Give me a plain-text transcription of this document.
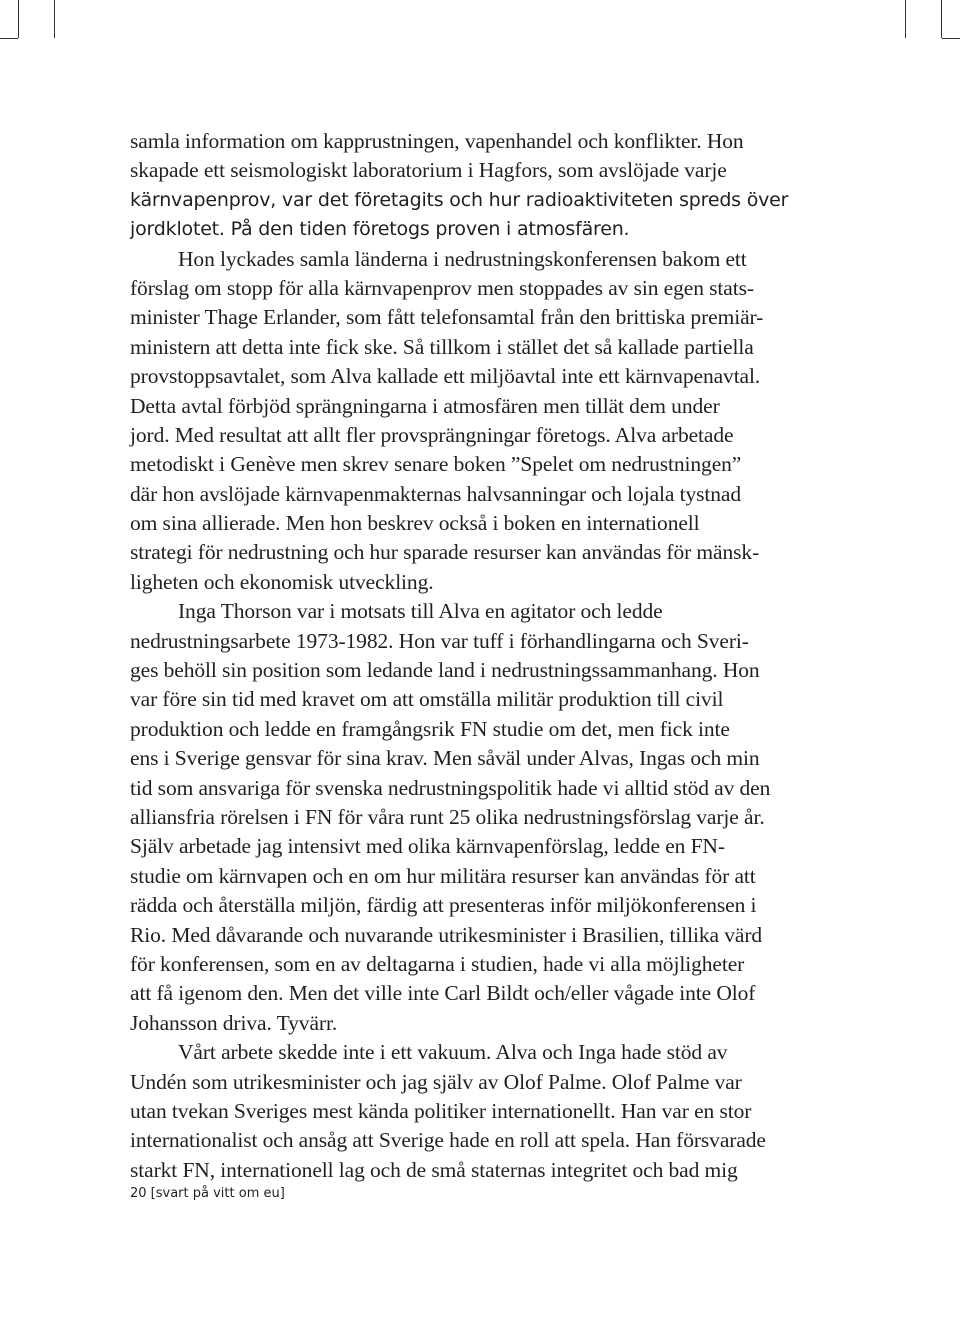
samla information om kapprustningen, vapenhandel och konflikter. Hon
skapade ett seismologiskt laboratorium i Hagfors, som avslöjade varje
kärnvapenprov, var det företagits och hur radioaktiviteten spreds över
jordklotet. På den tiden företogs proven i atmosfären.
Hon lyckades samla länderna i nedrustningskonferensen bakom ett
förslag om stopp för alla kärnvapenprov men stoppades av sin egen stats-
minister Thage Erlander, som fått telefonsamtal från den brittiska premiär-
ministern att detta inte fick ske. Så tillkom i stället det så kallade partiella
provstoppsavtalet, som Alva kallade ett miljöavtal inte ett kärnvapenavtal.
Detta avtal förbjöd sprängningarna i atmosfären men tillät dem under
jord. Med resultat att allt fler provsprängningar företogs. Alva arbetade
metodiskt i Genève men skrev senare boken ”Spelet om nedrustningen”
där hon avslöjade kärnvapenmakternas halvsanningar och lojala tystnad
om sina allierade. Men hon beskrev också i boken en internationell
strategi för nedrustning och hur sparade resurser kan användas för mänsk-
ligheten och ekonomisk utveckling.
Inga Thorson var i motsats till Alva en agitator och ledde
nedrustningsarbete 1973-1982. Hon var tuff i förhandlingarna och Sveri-
ges behöll sin position som ledande land i nedrustningssammanhang. Hon
var före sin tid med kravet om att omställa militär produktion till civil
produktion och ledde en framgångsrik FN studie om det, men fick inte
ens i Sverige gensvar för sina krav. Men såväl under Alvas, Ingas och min
tid som ansvariga för svenska nedrustningspolitik hade vi alltid stöd av den
alliansfria rörelsen i FN för våra runt 25 olika nedrustningsförslag varje år.
Själv arbetade jag intensivt med olika kärnvapenförslag, ledde en FN-
studie om kärnvapen och en om hur militära resurser kan användas för att
rädda och återställa miljön, färdig att presenteras inför miljökonferensen i
Rio. Med dåvarande och nuvarande utrikesminister i Brasilien, tillika värd
för konferensen, som en av deltagarna i studien, hade vi alla möjligheter
att få igenom den. Men det ville inte Carl Bildt och/eller vågade inte Olof
Johansson driva. Tyvärr.
Vårt arbete skedde inte i ett vakuum. Alva och Inga hade stöd av
Undén som utrikesminister och jag själv av Olof Palme. Olof Palme var
utan tvekan Sveriges mest kända politiker internationellt. Han var en stor
internationalist och ansåg att Sverige hade en roll att spela. Han försvarade
starkt FN, internationell lag och de små staternas integritet och bad mig
20 [svart på vitt om eu]
